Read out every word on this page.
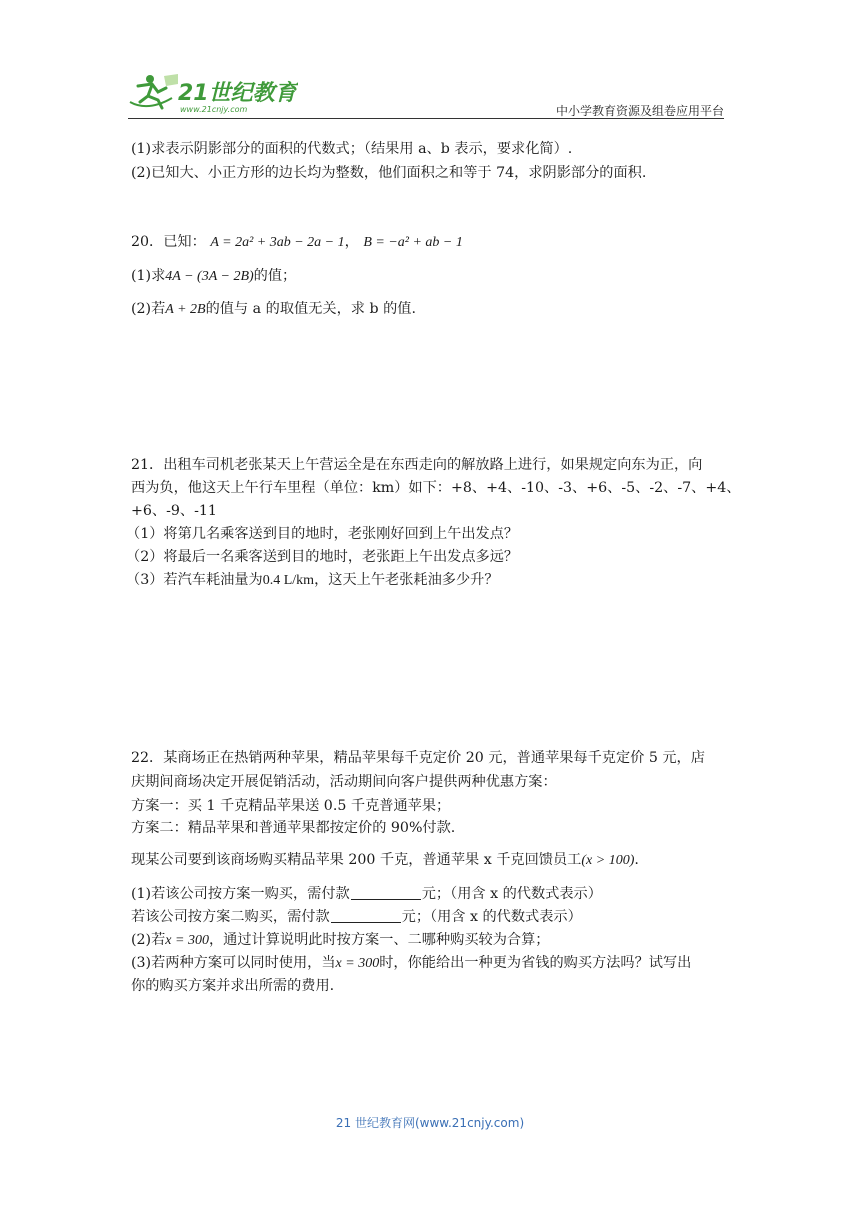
21世纪教育
www.21cnjy.com	中小学教育资源及组卷应用平台
(1)求表示阴影部分的面积的代数式；（结果用 a、b 表示，要求化简）.
(2)已知大、小正方形的边长均为整数，他们面积之和等于 74，求阴影部分的面积.
20．已知： A = 2a² + 3ab − 2a − 1， B = −a² + ab − 1
(1)求4A − (3A − 2B)的值；
(2)若A + 2B的值与 a 的取值无关，求 b 的值.
21．出租车司机老张某天上午营运全是在东西走向的解放路上进行，如果规定向东为正，向
西为负，他这天上午行车里程（单位：km）如下：+8、+4、-10、-3、+6、-5、-2、-7、+4、
+6、-9、-11
（1）将第几名乘客送到目的地时，老张刚好回到上午出发点？
（2）将最后一名乘客送到目的地时，老张距上午出发点多远？
（3）若汽车耗油量为0.4 L/km，这天上午老张耗油多少升？
22．某商场正在热销两种苹果，精品苹果每千克定价 20 元，普通苹果每千克定价 5 元，店
庆期间商场决定开展促销活动，活动期间向客户提供两种优惠方案：
方案一：买 1 千克精品苹果送 0.5 千克普通苹果；
方案二：精品苹果和普通苹果都按定价的 90%付款.
现某公司要到该商场购买精品苹果 200 千克，普通苹果 x 千克回馈员工(x > 100).
(1)若该公司按方案一购买，需付款	元；（用含 x 的代数式表示）
若该公司按方案二购买，需付款	元；（用含 x 的代数式表示）
(2)若x = 300，通过计算说明此时按方案一、二哪种购买较为合算；
(3)若两种方案可以同时使用，当x = 300时，你能给出一种更为省钱的购买方法吗？试写出
你的购买方案并求出所需的费用.
21 世纪教育网(www.21cnjy.com)
